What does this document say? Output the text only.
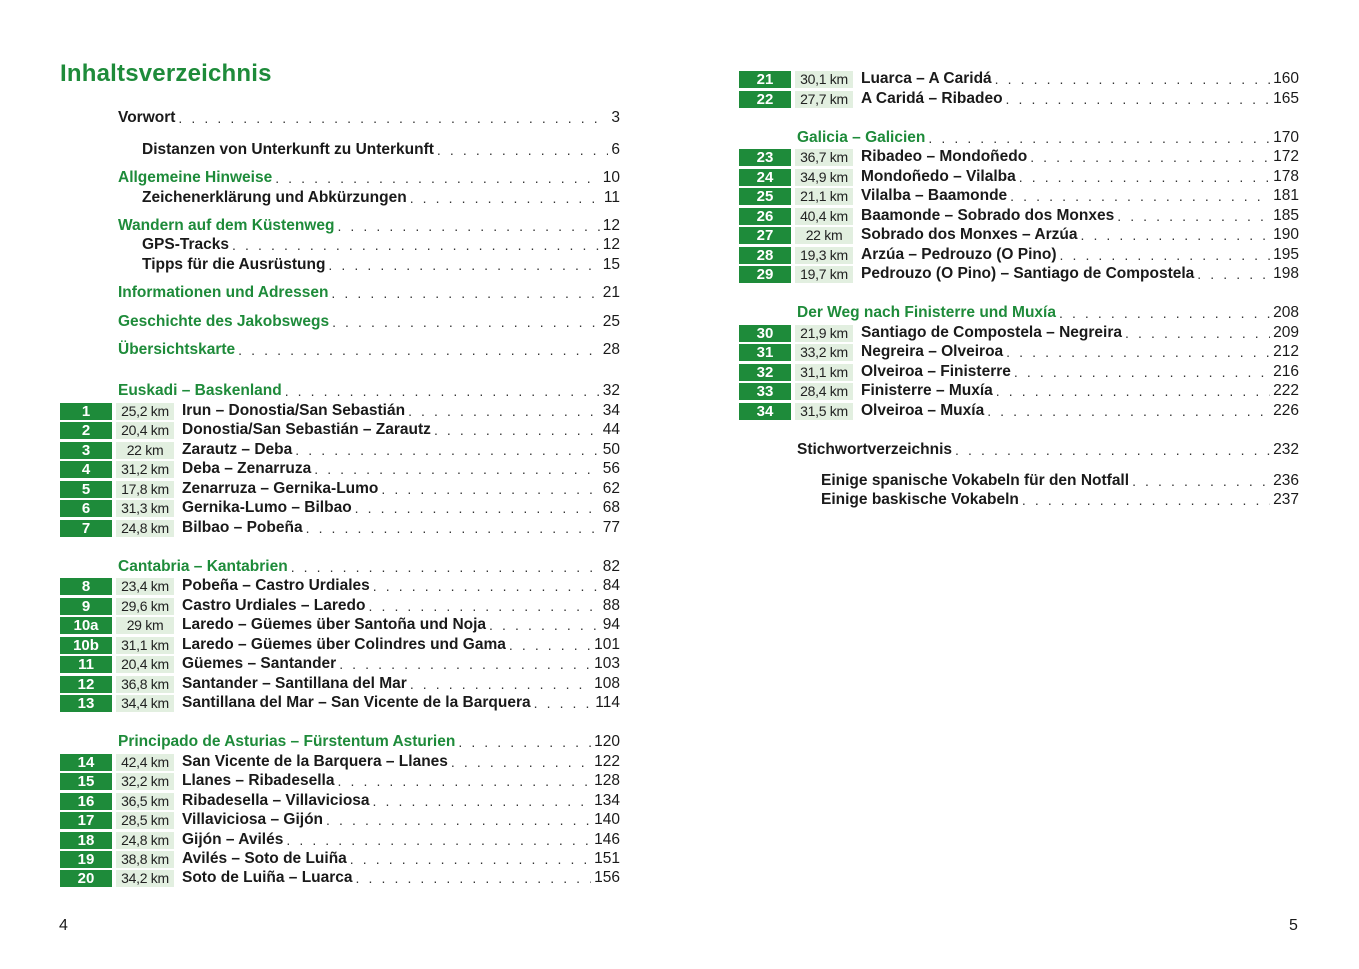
Inhaltsverzeichnis
Vorwort . . .	3
Distanzen von Unterkunft zu Unterkunft . . .	6
Allgemeine Hinweise . . .	10
Zeichenerklärung und Abkürzungen . . .	11
Wandern auf dem Küstenweg . . .	12
GPS-Tracks . . .	12
Tipps für die Ausrüstung . . .	15
Informationen und Adressen . . .	21
Geschichte des Jakobswegs . . .	25
Übersichtskarte . . .	28
Euskadi – Baskenland . . .	32
1	25,2 km Irun – Donostia/San Sebastián . . .	34
2	20,4 km Donostia/San Sebastián – Zarautz . . .	44
3	22 km	Zarautz – Deba . . .	50
4	31,2 km Deba – Zenarruza . . .	56
5	17,8 km Zenarruza – Gernika-Lumo . . .	62
6	31,3 km Gernika-Lumo – Bilbao . . .	68
7	24,8 km Bilbao – Pobeña . . .	77
Cantabria – Kantabrien . . .	82
8	23,4 km Pobeña – Castro Urdiales . . .	84
9	29,6 km Castro Urdiales – Laredo . . .	88
10a	29 km	Laredo – Güemes über Santoña und Noja . . .	94
10b	31,1 km Laredo – Güemes über Colindres und Gama . . .	101
11	20,4 km Güemes – Santander . . .	103
12	36,8 km Santander – Santillana del Mar . . .	108
13	34,4 km Santillana del Mar – San Vicente de la Barquera . . .	114
Principado de Asturias – Fürstentum Asturien . . .	120
14	42,4 km San Vicente de la Barquera – Llanes . . .	122
15	32,2 km Llanes – Ribadesella . . .	128
16	36,5 km Ribadesella – Villaviciosa . . .	134
17	28,5 km Villaviciosa – Gijón . . .	140
18	24,8 km Gijón – Avilés . . .	146
19	38,8 km Avilés – Soto de Luiña . . .	151
20	34,2 km Soto de Luiña – Luarca . . .	156
21	30,1 km Luarca – A Caridá . . .	160
22	27,7 km A Caridá – Ribadeo . . .	165
Galicia – Galicien . . .	170
23	36,7 km Ribadeo – Mondoñedo . . .	172
24	34,9 km Mondoñedo – Vilalba . . .	178
25	21,1 km Vilalba – Baamonde . . .	181
26	40,4 km Baamonde – Sobrado dos Monxes . . .	185
27	22 km	Sobrado dos Monxes – Arzúa . . .	190
28	19,3 km Arzúa – Pedrouzo (O Pino) . . .	195
29	19,7 km Pedrouzo (O Pino) – Santiago de Compostela . . .	198
Der Weg nach Finisterre und Muxía . . .	208
30	21,9 km Santiago de Compostela – Negreira . . .	209
31	33,2 km Negreira – Olveiroa . . .	212
32	31,1 km Olveiroa – Finisterre . . .	216
33	28,4 km Finisterre – Muxía . . .	222
34	31,5 km Olveiroa – Muxía . . .	226
Stichwortverzeichnis . . .	232
Einige spanische Vokabeln für den Notfall . . .	236
Einige baskische Vokabeln . . .	237
4	5
